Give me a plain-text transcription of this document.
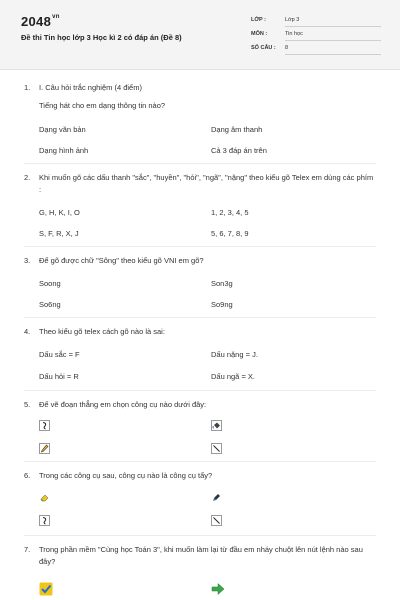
$2048^{vn}$
Đề thi Tin học lớp 3 Học kì 2 có đáp án (Đề 8)
LỚP :	Lớp 3
MÔN :	Tin học
SỐ CÂU : 8
1. I. Câu hỏi trắc nghiệm (4 điểm)
Tiếng hát cho em dạng thông tin nào?
Dạng văn bản	Dạng âm thanh
Dạng hình ảnh	Cả 3 đáp án trên
2. Khi muốn gõ các dấu thanh "sắc", "huyền", "hỏi", "ngã", "nặng" theo kiểu gõ Telex em dùng các phím :
G, H, K, I, O	1, 2, 3, 4, 5
S, F, R, X, J	5, 6, 7, 8, 9
3. Để gõ được chữ "Sông" theo kiểu gõ VNI em gõ?
Soong	Son3g
So6ng	So9ng
4. Theo kiểu gõ telex cách gõ nào là sai:
Dấu sắc = F	Dấu nặng = J.
Dấu hỏi = R	Dấu ngã = X.
5. Để vẽ đoạn thẳng em chọn công cụ nào dưới đây:
6. Trong các công cụ sau, công cụ nào là công cụ tẩy?
7. Trong phần mềm "Cùng học Toán 3", khi muốn làm lại từ đầu em nháy chuột lên nút lệnh nào sau đây?
